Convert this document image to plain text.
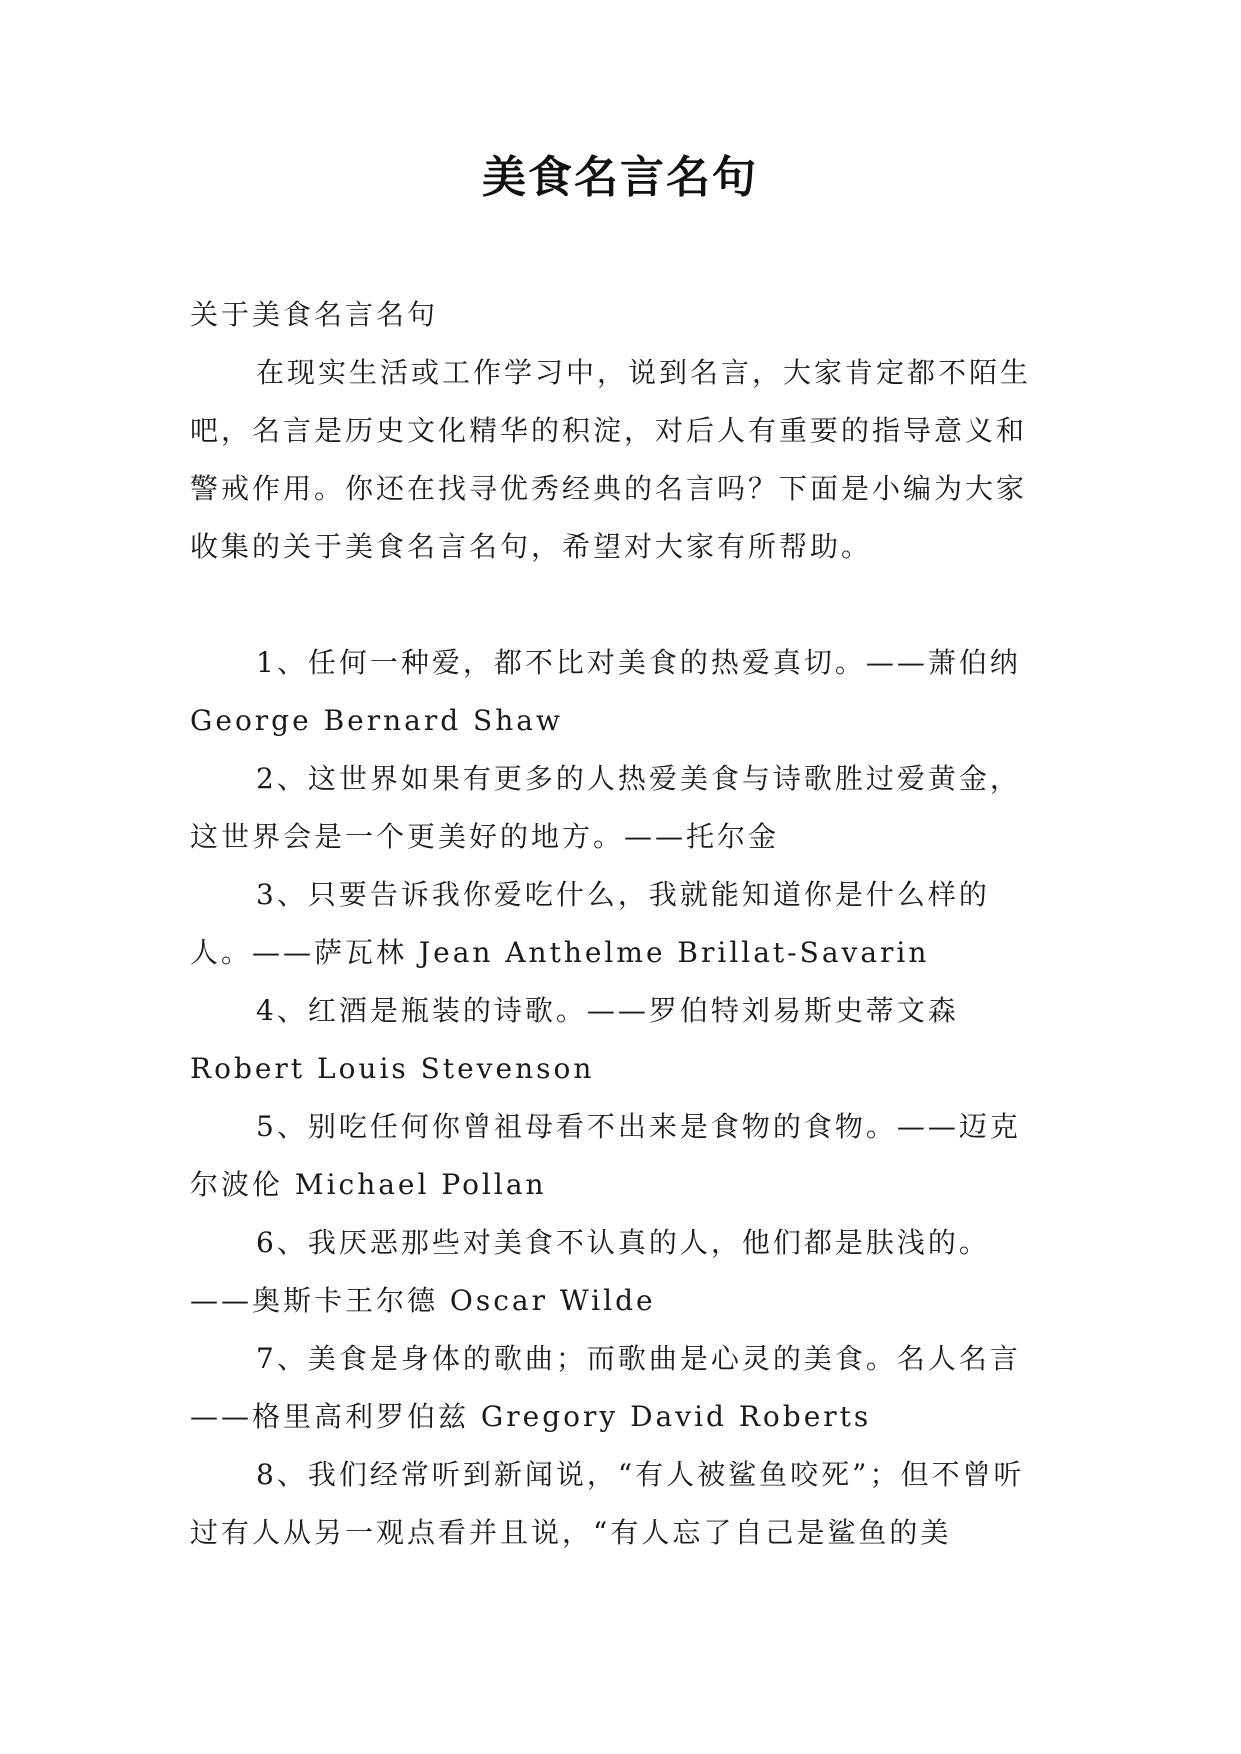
美食名言名句

关于美食名言名句

在现实生活或工作学习中，说到名言，大家肯定都不陌生吧，名言是历史文化精华的积淀，对后人有重要的指导意义和警戒作用。你还在找寻优秀经典的名言吗？下面是小编为大家收集的关于美食名言名句，希望对大家有所帮助。

1、任何一种爱，都不比对美食的热爱真切。——萧伯纳 George Bernard Shaw

2、这世界如果有更多的人热爱美食与诗歌胜过爱黄金，这世界会是一个更美好的地方。——托尔金

3、只要告诉我你爱吃什么，我就能知道你是什么样的人。——萨瓦林 Jean Anthelme Brillat-Savarin

4、红酒是瓶装的诗歌。——罗伯特刘易斯史蒂文森 Robert Louis Stevenson

5、别吃任何你曾祖母看不出来是食物的食物。——迈克尔波伦 Michael Pollan

6、我厌恶那些对美食不认真的人，他们都是肤浅的。——奥斯卡王尔德 Oscar Wilde

7、美食是身体的歌曲；而歌曲是心灵的美食。名人名言 ——格里高利罗伯兹 Gregory David Roberts

8、我们经常听到新闻说，“有人被鲨鱼咬死”；但不曾听过有人从另一观点看并且说，“有人忘了自己是鲨鱼的美
